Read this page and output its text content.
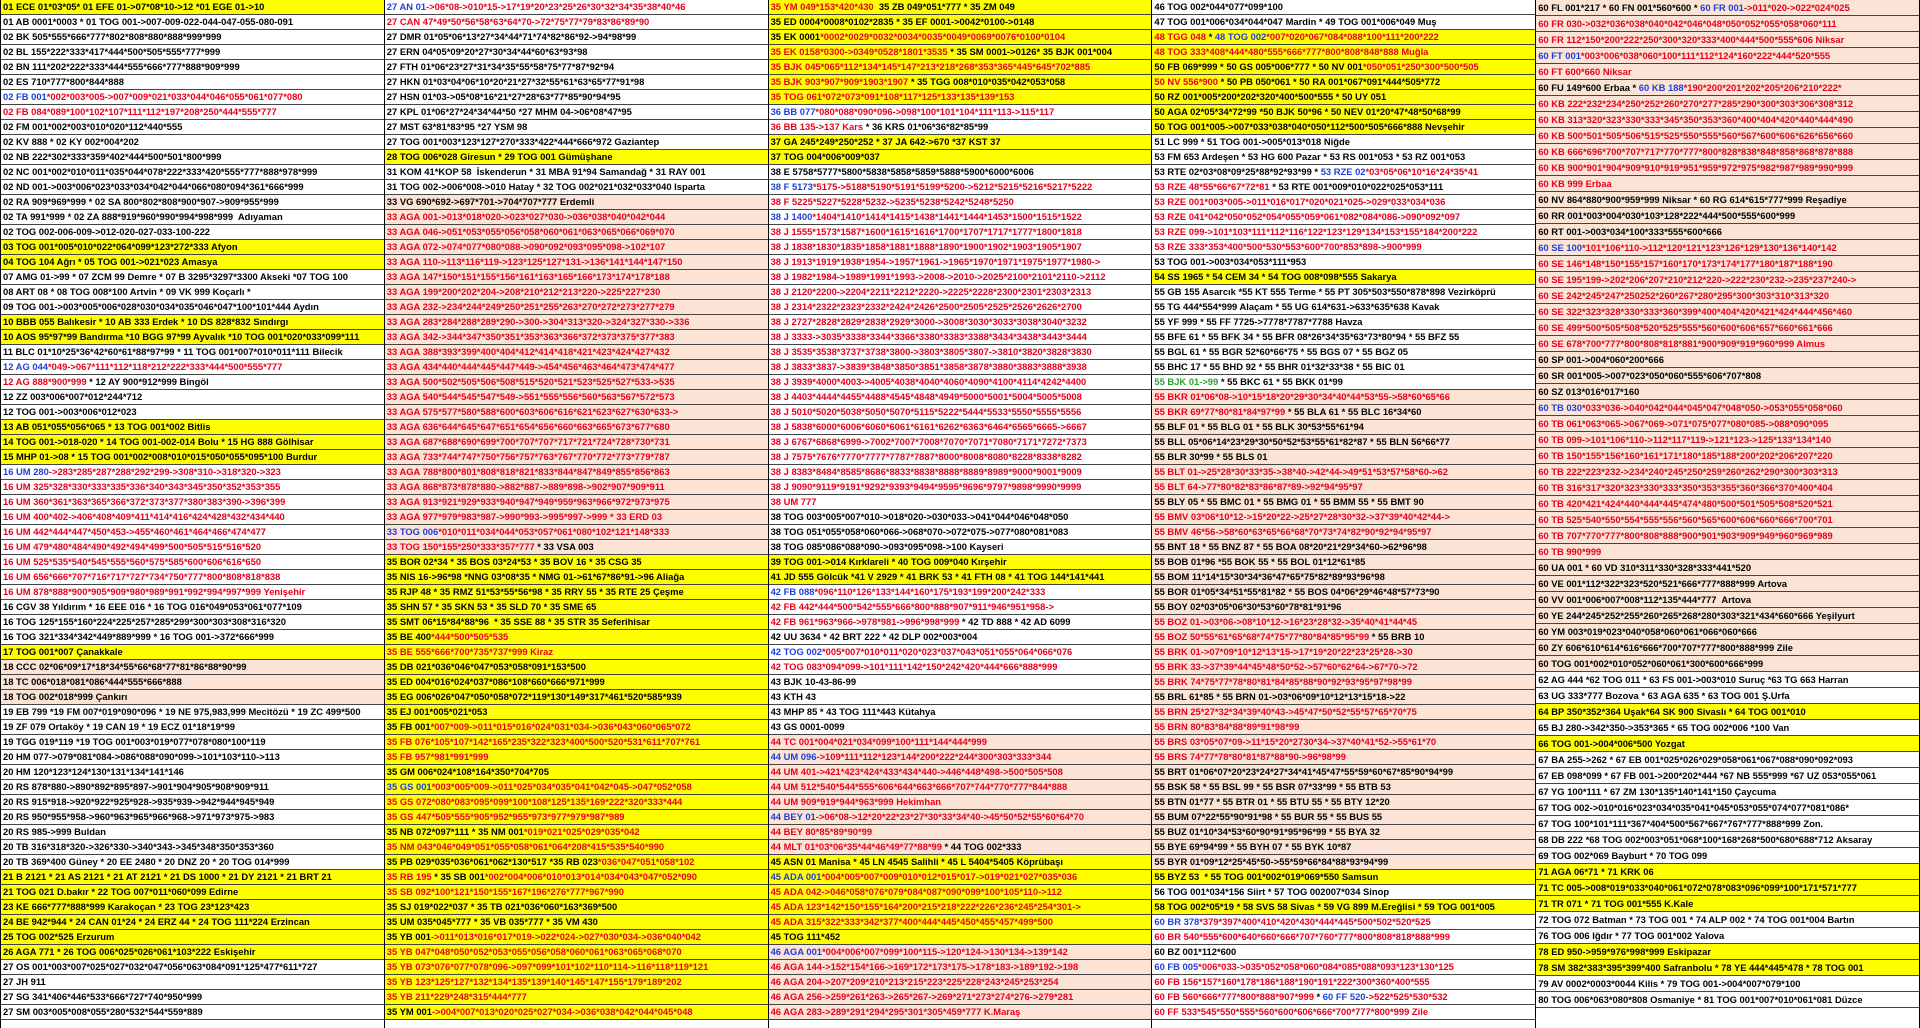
01 ECE 01*03*05* 01 EFE 01->07*08*10->12 *01 EGE 01->10
01 AB 0001*0003 * 01 TOG 001->007-009-022-044-047-055-080-091
02 BK 505*555*666*777*802*808*880*888*999*999
02 BL 155*222*333*417*444*500*505*555*777*999
02 BN 111*202*222*333*444*555*666*777*888*909*999
02 ES 710*777*800*844*888
02 FB 001*002*003*005->007*009*021*033*044*046*055*061*077*080
02 FB 084*089*100*102*107*111*112*197*208*250*444*555*777
02 FM 001*002*003*010*020*112*440*555
02 KV 888 * 02 KY 002*004*202
02 NB 222*302*333*359*402*444*500*501*800*999
02 NC 001*002*010*011*035*044*078*222*333*420*555*777*888*978*999
02 ND 001->003*006*023*033*034*042*044*066*080*094*361*666*999
02 RA 909*969*999 * 02 SA 800*802*808*900*907->909*955*999
02 TA 991*999 * 02 ZA 888*919*960*990*994*998*999  Adıyaman
02 TOG 002-006-009->012-020-027-033-100-222
03 TOG 001*005*010*022*064*099*123*272*333 Afyon
04 TOG 104 Ağrı * 05 TOG 001->021*023 Amasya
07 AMG 01->99 * 07 ZCM 99 Demre * 07 B 3295*3297*3300 Akseki *07 TOG 100
08 ART 08 * 08 TOG 008*100 Artvin * 09 VK 999 Koçarlı *
09 TOG 001->003*005*006*028*030*034*035*046*047*100*101*444 Aydın
10 BBB 055 Balıkesir * 10 AB 333 Erdek * 10 DS 828*832 Sındırgı
10 AOS 95*97*99 Bandırma *10 BGG 97*99 Ayvalık *10 TOG 001*020*033*099*111
11 BLC 01*10*25*36*42*60*61*88*97*99 * 11 TOG 001*007*010*011*111 Bilecik
12 AG 044*049->067*111*112*118*212*222*333*444*500*555*777
12 AG 888*900*999 * 12 AY 900*912*999 Bingöl
12 ZZ 003*006*007*012*244*712
12 TOG 001->003*006*012*023
13 AB 051*055*056*065 * 13 TOG 001*002 Bitlis
14 TOG 001->018-020 * 14 TOG 001-002-014 Bolu * 15 HG 888 Gölhisar
15 MHP 01->08 * 15 TOG 001*002*008*010*015*050*055*095*100 Burdur
16 UM 280->283*285*287*288*292*299->308*310->318*320->323
16 UM 325*328*330*333*335*336*340*343*345*350*352*353*355
16 UM 360*361*363*365*366*372*373*377*380*383*390->396*399
16 UM 400*402->406*408*409*411*414*416*424*428*432*434*440
16 UM 442*444*447*450*453->455*460*461*464*466*474*477
16 UM 479*480*484*490*492*494*499*500*505*515*516*520
16 UM 525*535*540*545*555*560*575*585*600*606*616*650
16 UM 656*666*707*716*717*727*734*750*777*800*808*818*838
16 UM 878*888*900*905*909*980*989*991*992*994*997*999 Yenişehir
16 CGV 38 Yıldırım * 16 EEE 016 * 16 TOG 016*049*053*061*077*109
16 TOG 125*155*160*224*225*257*285*299*300*303*308*316*320
16 TOG 321*334*342*449*889*999 * 16 TOG 001->372*666*999
17 TOG 001*007 Çanakkale
18 CCC 02*06*09*17*18*34*55*66*68*77*81*86*88*90*99
18 TC 006*018*081*086*444*555*666*888
18 TOG 002*018*999 Çankırı
19 EB 799 *19 FM 007*019*090*096 * 19 NE 975,983,999 Mecitözü * 19 ZC 499*500
19 ZF 079 Ortaköy * 19 CAN 19 * 19 ECZ 01*18*19*99
19 TGG 019*119 *19 TOG 001*003*019*077*078*080*100*119
20 HM 077->079*081*084->086*088*090*099->101*103*110->113
20 HM 120*123*124*130*131*134*141*146
20 RS 878*880->890*892*895*897->901*904*905*908*909*911
20 RS 915*918->920*922*925*928->935*939->942*944*945*949
20 RS 950*955*958->960*963*965*966*968->971*973*975->983
20 RS 985->999 Buldan
20 TB 316*318*320->326*330->340*343->345*348*350*353*360
20 TB 369*400 Güney * 20 EE 2480 * 20 DNZ 20 * 20 TOG 014*999
21 B 2121 * 21 AS 2121 * 21 AT 2121 * 21 DS 1000 * 21 DY 2121 * 21 BRT 21
21 TOG 021 D.bakır * 22 TOG 007*011*060*099 Edirne
23 KE 666*777*888*999 Karakoçan * 23 TOG 23*123*423
24 BE 942*944 * 24 CAN 01*24 * 24 ERZ 44 * 24 TOG 111*224 Erzincan
25 TOG 002*525 Erzurum
26 AGA 771 * 26 TOG 006*025*026*061*103*222 Eskişehir
27 OS 001*003*007*025*027*032*047*056*063*084*091*125*477*611*727
27 JH 911
27 SG 341*406*446*533*666*727*740*950*999
27 SM 003*005*008*055*280*532*544*559*889
27 AN 01->06*08->010*15->17*19*20*23*25*26*30*32*34*35*38*40*46
27 CAN 47*49*50*56*58*63*64*70->72*75*77*79*83*86*89*90
27 DMR 01*05*06*13*27*34*44*71*74*82*86*92->94*98*99
27 ERN 04*05*09*20*27*30*34*44*60*63*93*98
27 FTH 01*06*23*27*31*34*35*55*58*75*77*87*92*94
27 HKN 01*03*04*06*10*20*21*27*32*55*61*63*65*77*91*98
27 HSN 01*03->05*08*16*21*27*28*63*77*85*90*94*95
27 KPL 01*06*27*24*34*44*50 *27 MHM 04->06*08*47*95
27 MST 63*81*83*95 *27 YSM 98
27 TOG 001*003*123*127*270*333*422*444*666*972 Gaziantep
28 TOG 006*028 Giresun * 29 TOG 001 Gümüşhane
31 KOM 41*KOP 58  İskenderun * 31 MBA 91*94 Samandağ * 31 RAY 001
31 TOG 002->006*008->010 Hatay * 32 TOG 002*021*032*033*040 Isparta
33 VG 690*692->697*701->704*707*777 Erdemli
33 AGA 001->013*018*020->023*027*030->036*038*040*042*044
33 AGA 046->051*053*055*056*058*060*061*063*065*066*069*070
33 AGA 072->074*077*080*088->090*092*093*095*098->102*107
33 AGA 110->113*116*119->123*125*127*131->136*141*144*147*150
33 AGA 147*150*151*155*156*161*163*165*166*173*174*178*188
33 AGA 199*200*202*204->208*210*212*213*220->225*227*230
33 AGA 232->234*244*249*250*251*255*263*270*272*273*277*279
33 AGA 283*284*288*289*290->300->304*313*320->324*327*330->336
33 AGA 342->344*347*350*351*353*363*366*372*373*375*377*383
33 AGA 388*393*399*400*404*412*414*418*421*423*424*427*432
33 AGA 434*440*444*445*447*449->454*456*463*464*473*474*477
33 AGA 500*502*505*506*508*515*520*521*523*525*527*533->535
33 AGA 540*544*545*547*549->551*555*556*560*563*567*572*573
33 AGA 575*577*580*588*600*603*606*616*621*623*627*630*633->
33 AGA 636*644*645*647*651*654*656*660*663*665*673*677*680
33 AGA 687*688*690*699*700*707*707*717*721*724*728*730*731
33 AGA 733*744*747*750*756*757*763*767*770*772*773*779*787
33 AGA 788*800*801*808*818*821*833*844*847*849*855*856*863
33 AGA 868*873*878*880->882*887->889*898->902*907*909*911
33 AGA 913*921*929*933*940*947*949*959*963*966*972*973*975
33 AGA 977*979*983*987->990*993->995*997->999 * 33 ERD 03
33 TOG 006*010*011*034*044*053*057*061*080*102*121*148*333
33 TOG 150*155*250*333*357*777 * 33 VSA 003
35 BOR 02*34 * 35 BOS 03*24*53 * 35 BOV 16 * 35 CSG 35
35 NIS 16->96*98 *NNG 03*08*35 * NMG 01->61*67*86*91->96 Aliağa
35 RJP 48 * 35 RMZ 51*53*55*56*98 * 35 RRY 55 * 35 RTE 25 Çeşme
35 SHN 57 * 35 SKN 53 * 35 SLD 70 * 35 SME 65
35 SMT 06*15*84*88*96  * 35 SSE 88 * 35 STR 35 Seferihisar
35 BE 400*444*500*505*535
35 BE 555*666*700*735*737*999 Kiraz
35 DB 021*036*046*047*053*058*091*153*500
35 ED 004*016*024*037*086*108*660*666*971*999
35 EG 006*026*047*050*058*072*119*130*149*317*461*520*585*939
35 EJ 001*005*021*053
35 FB 001*007*009->011*015*016*024*031*034->036*043*060*065*072
35 FB 076*105*107*142*165*235*322*323*400*500*520*531*611*707*761
35 FB 957*981*991*999
35 GM 006*024*108*164*350*704*705
35 GS 001*003*005*009->011*025*034*035*041*042*045->047*052*058
35 GS 072*080*083*095*099*100*108*125*135*169*222*320*333*444
35 GS 447*505*555*905*952*955*973*977*979*987*989
35 NB 072*097*111 * 35 NM 001*019*021*025*029*035*042
35 NM 043*046*049*051*055*058*061*064*208*415*535*540*990
35 PB 029*035*036*061*062*130*517 *35 RB 023*036*047*051*058*102
35 RB 195 * 35 SB 001*002*004*006*010*013*014*034*043*047*052*090
35 SB 092*100*121*150*155*167*196*276*777*967*990
35 SJ 019*022*037 * 35 TB 021*036*060*163*369*500
35 UM 035*045*777 * 35 VB 035*777 * 35 VM 430
35 YB 001->011*013*016*017*019->022*024->027*030*034->036*040*042
35 YB 047*048*050*052*053*055*056*058*060*061*063*065*068*070
35 YB 073*076*077*078*096->097*099*101*102*110*114->116*118*119*121
35 YB 123*125*127*132*134*135*139*140*145*147*155*179*189*202
35 YB 211*229*248*315*444*777
35 YM 001->004*007*013*020*025*027*034->036*038*042*044*045*048
35 YM 049*153*420*430  35 ZB 049*051*777 * 35 ZM 049
35 ED 0004*0008*0102*2835 * 35 EF 0001->0042*0100->0148
35 EK 0001*0002*0029*0032*0034*0035*0049*0069*0076*0100*0104
35 EK 0158*0300->0349*0528*1801*3535 * 35 SM 0001->0126* 35 BJK 001*004
35 BJK 045*065*112*134*145*147*213*218*268*353*365*445*645*702*885
35 BJK 903*907*909*1903*1907 * 35 TGG 008*010*035*042*053*058
35 TOG 061*072*073*091*108*117*125*133*135*139*153
36 BB 077*080*088*090*096->098*100*101*104*111*113->115*117
36 BB 135->137 Kars * 36 KRS 01*06*36*82*85*99
37 GA 245*249*250*252 * 37 JA 642->670 *37 KST 37
37 TOG 004*006*009*037
38 E 5758*5777*5800*5838*5858*5859*5888*5900*6000*6006
38 F 5173*5175->5188*5190*5191*5199*5200->5212*5215*5216*5217*5222
38 F 5225*5227*5228*5232->5235*5238*5242*5248*5250
38 J 1400*1404*1410*1414*1415*1438*1441*1444*1453*1500*1515*1522
38 J 1555*1573*1587*1600*1615*1616*1700*1707*1717*1777*1800*1818
38 J 1838*1830*1835*1858*1881*1888*1890*1900*1902*1903*1905*1907
38 J 1913*1919*1938*1954->1957*1961->1965*1970*1971*1975*1977*1980->
38 J 1982*1984->1989*1991*1993->2008->2010->2025*2100*2101*2110->2112
38 J 2120*2200->2204*2211*2212*2220->2225*2228*2300*2301*2303*2313
38 J 2314*2322*2323*2332*2424*2426*2500*2505*2525*2526*2626*2700
38 J 2727*2828*2829*2838*2929*3000->3008*3030*3033*3038*3040*3232
38 J 3333->3035*3338*3344*3366*3380*3383*3388*3434*3438*3443*3444
38 J 3535*3538*3737*3738*3800->3803*3805*3807->3810*3820*3828*3830
38 J 3833*3837->3839*3848*3850*3851*3858*3878*3880*3883*3888*3938
38 J 3939*4000*4003->4005*4038*4040*4060*4090*4100*4114*4242*4400
38 J 4403*4444*4455*4488*4545*4848*4949*5000*5001*5004*5005*5008
38 J 5010*5020*5038*5050*5070*5115*5222*5444*5533*5550*5555*5556
38 J 5838*6000*6006*6060*6061*6161*6262*6363*6464*6565*6665->6667
38 J 6767*6868*6999->7002*7007*7008*7070*7071*7080*7171*7272*7373
38 J 7575*7676*7770*7777*7787*7887*8000*8008*8080*8228*8338*8282
38 J 8383*8484*8585*8686*8833*8838*8888*8889*8989*9000*9001*9009
38 J 9090*9119*9191*9292*9393*9494*9595*9696*9797*9898*9990*9999
38 UM 777
38 TOG 003*005*007*010->018*020->030*033->041*044*046*048*050
38 TOG 051*055*058*060*066->068*070->072*075->077*080*081*083
38 TOG 085*086*088*090->093*095*098->100 Kayseri
39 TOG 001->014 Kırklareli * 40 TOG 009*040 Kırşehir
41 JD 555 Gölcük *41 V 2929 * 41 BRK 53 * 41 FTH 08 * 41 TOG 144*141*441
42 FB 088*096*110*126*133*144*160*175*193*199*200*242*333
42 FB 442*444*500*542*555*666*800*888*907*911*946*951*958->
42 FB 961*963*966->978*981->996*998*999 * 42 TD 888 * 42 AD 6099
42 UU 3634 * 42 BRT 222 * 42 DLP 002*003*004
42 TOG 002*005*007*010*011*020*023*037*043*051*055*064*066*076
42 TOG 083*094*099->101*111*142*150*242*420*444*666*888*999
43 BJK 10-43-86-99
43 KTH 43
43 MHP 85 * 43 TOG 111*443 Kütahya
43 GS 0001-0099
44 TC 001*004*021*034*099*100*111*144*444*999
44 UM 096->109*111*112*123*144*200*222*244*300*303*333*344
44 UM 401->421*423*424*433*434*440->446*448*498->500*505*508
44 UM 512*540*544*555*606*644*663*666*707*744*770*777*844*888
44 UM 909*919*944*963*999 Hekimhan
44 BEY 01->06*08->12*20*22*23*27*30*33*34*40->45*50*52*55*60*64*70
44 BEY 80*85*89*90*99
44 MLT 01*03*06*35*44*46*49*77*88*99 * 44 TOG 002*333
45 ASN 01 Manisa * 45 LN 4545 Salihli * 45 L 5404*5405 Köprübaşı
45 ADA 001*004*005*007*009*010*012*015*017->019*021*027*035*036
45 ADA 042->046*058*076*079*084*087*090*099*100*105*110->112
45 ADA 123*142*150*155*164*200*215*218*222*226*236*245*254*301->
45 ADA 315*322*333*342*377*400*444*445*450*455*457*499*500
45 TOG 111*452
46 AGA 001*004*006*007*099*100*115->120*124->130*134->139*142
46 AGA 144->152*154*166->169*172*173*175->178*183->189*192->198
46 AGA 204->207*209*210*213*215*223*225*228*243*245*253*254
46 AGA 256->259*261*263->265*267->269*271*273*274*276->279*281
46 AGA 283->289*291*294*295*301*305*459*777 K.Maraş
46 TOG 002*044*077*099*100
47 TOG 001*006*034*044*047 Mardin * 49 TOG 001*006*049 Muş
48 TGG 048 * 48 TOG 002*007*020*067*084*088*100*111*200*222
48 TOG 333*408*444*480*555*666*777*800*808*848*888 Muğla
50 FB 069*999 * 50 GS 005*006*777 * 50 NV 001*050*051*250*300*500*505
50 NV 556*900 * 50 PB 050*061 * 50 RA 001*067*091*444*505*772
50 RZ 001*005*200*202*320*400*500*555 * 50 UY 051
50 AGA 02*05*34*72*99 *50 BJK 50*96 * 50 NEV 01*20*47*48*50*68*99
50 TOG 001*005->007*033*038*040*050*112*500*505*666*888 Nevşehir
51 LC 999 * 51 TOG 001->005*013*018 Niğde
53 FM 653 Ardeşen * 53 HG 600 Pazar * 53 RS 001*053 * 53 RZ 001*053
53 RTE 02*03*08*09*25*88*92*93*99 * 53 RZE 02*03*05*06*10*16*24*35*41
53 RZE 48*55*66*67*72*81 * 53 RTE 001*009*010*022*025*053*111
53 RZE 001*003*005->011*016*017*020*021*025->029*033*034*036
53 RZE 041*042*050*052*054*055*059*061*082*084*086->090*092*097
53 RZE 099->101*103*111*112*116*122*123*129*134*153*155*184*200*222
53 RZE 333*353*400*500*530*553*600*700*853*898->900*999
53 TOG 001->003*034*053*111*953
54 SS 1965 * 54 CEM 34 * 54 TOG 008*098*555 Sakarya
55 GB 155 Asarcık *55 KT 555 Terme * 55 PT 305*503*550*878*898 Vezirköprü
55 TG 444*554*999 Alaçam * 55 UG 614*631->633*635*638 Kavak
55 YF 999 * 55 FF 7725->7778*7787*7788 Havza
55 BFE 61 * 55 BFK 34 * 55 BFR 08*26*34*35*63*73*80*94 * 55 BFZ 55
55 BGL 61 * 55 BGR 52*60*66*75 * 55 BGS 07 * 55 BGZ 05
55 BHC 17 * 55 BHD 92 * 55 BHR 01*32*33*38 * 55 BIC 01
55 BJK 01->99 * 55 BKC 61 * 55 BKK 01*99
55 BKR 01*06*08->10*15*18*20*29*30*34*40*44*53*55->58*60*65*66
55 BKR 69*77*80*81*84*97*99 * 55 BLA 61 * 55 BLC 16*34*60
55 BLF 01 * 55 BLG 01 * 55 BLK 30*53*55*61*94
55 BLL 05*06*14*23*29*30*50*52*53*55*61*82*87 * 55 BLN 56*66*77
55 BLR 30*99 * 55 BLS 01
55 BLT 01->25*28*30*33*35->38*40->42*44->49*51*53*57*58*60->62
55 BLT 64->77*80*82*83*86*87*89->92*94*95*97
55 BLY 05 * 55 BMC 01 * 55 BMG 01 * 55 BMM 55 * 55 BMT 90
55 BMV 03*06*10*12->15*20*22->25*27*28*30*32->37*39*40*42*44->
55 BMV 46*56->58*60*63*65*66*68*70*73*74*82*90*92*94*95*97
55 BNT 18 * 55 BNZ 87 * 55 BOA 08*20*21*29*34*60->62*96*98
55 BOB 01*96 *55 BOK 55 * 55 BOL 01*12*61*85
55 BOM 11*14*15*30*34*36*47*65*75*82*89*93*96*98
55 BOR 01*05*34*51*55*81*82 * 55 BOS 04*06*29*46*48*57*73*90
55 BOY 02*03*05*06*30*53*60*78*81*91*96
55 BOZ 01->03*06->08*10*12->16*23*28*32->35*40*41*44*45
55 BOZ 50*55*61*65*68*74*75*77*80*84*85*95*99 * 55 BRB 10
55 BRK 01->07*09*10*12*13*15->17*19*20*22*23*25*28->30
55 BRK 33->37*39*44*45*48*50*52->57*60*62*64->67*70->72
55 BRK 74*75*77*78*80*81*84*85*88*90*92*93*95*97*98*99
55 BRL 61*85 * 55 BRN 01->03*06*09*10*12*13*15*18->22
55 BRN 25*27*32*34*39*40*43->45*47*50*52*55*57*65*70*75
55 BRN 80*83*84*88*89*91*98*99
55 BRS 03*05*07*09->11*15*20*2730*34->37*40*41*52->55*61*70
55 BRS 74*77*78*80*81*87*88*90->96*98*99
55 BRT 01*06*07*20*23*24*27*34*41*45*47*55*59*60*67*85*90*94*99
55 BSK 58 * 55 BSL 99 * 55 BSR 07*33*99 * 55 BTB 53
55 BTN 01*77 * 55 BTR 01 * 55 BTU 55 * 55 BTY 12*20
55 BUM 07*22*55*90*91*98 * 55 BUR 55 * 55 BUS 55
55 BUZ 01*10*34*53*60*90*91*95*96*99 * 55 BYA 32
55 BYE 69*94*99 * 55 BYH 07 * 55 BYK 10*87
55 BYR 01*09*12*25*45*50->55*59*66*84*88*93*94*99
55 BYZ 53  * 55 TOG 001*002*019*069*550 Samsun
56 TOG 001*034*156 Siirt * 57 TOG 002007*034 Sinop
58 TOG 002*05*19 * 58 SVS 58 Sivas * 59 VG 899 M.Ereğlisi * 59 TOG 001*005
60 BR 378*379*397*400*410*420*430*444*445*500*502*520*525
60 BR 540*555*600*640*660*666*707*760*777*800*808*818*888*999
60 BZ 001*112*600
60 FB 005*006*033->035*052*058*060*084*085*088*093*123*130*125
60 FB 156*157*160*178*186*188*190*191*222*300*360*400*555
60 FB 560*666*777*800*888*907*999 * 60 FF 520->522*525*530*532
60 FF 533*545*550*555*560*600*606*666*700*777*800*999 Zile
60 FL 001*217 * 60 FN 001*560*600 * 60 FR 001->011*020->022*024*025
60 FR 030->032*036*038*040*042*046*048*050*052*055*058*060*111
60 FR 112*150*200*222*250*300*320*333*400*444*500*555*606 Niksar
60 FT 001*003*006*038*060*100*111*112*124*160*222*444*520*555
60 FT 600*660 Niksar
60 FU 149*600 Erbaa * 60 KB 188*190*200*201*202*205*206*210*222*
60 KB 222*232*234*250*252*260*270*277*285*290*300*303*306*308*312
60 KB 313*320*323*330*333*345*350*353*360*400*404*420*440*444*490
60 KB 500*501*505*506*515*525*550*555*560*567*600*606*626*656*660
60 KB 666*696*700*707*717*770*777*800*828*838*848*858*868*878*888
60 KB 900*901*904*909*910*919*951*959*972*975*982*987*989*990*999
60 KB 999 Erbaa
60 NV 864*880*900*959*999 Niksar * 60 RG 614*615*777*999 Reşadiye
60 RR 001*003*004*030*103*128*222*444*500*555*600*999
60 RT 001->003*034*100*333*555*600*666
60 SE 100*101*106*110->112*120*121*123*126*129*130*136*140*142
60 SE 146*148*150*155*157*160*170*173*174*177*180*187*188*190
60 SE 195*199->202*206*207*210*212*220->222*230*232->235*237*240->
60 SE 242*245*247*250252*260*267*280*295*300*303*310*313*320
60 SE 322*323*328*330*333*360*399*400*404*420*421*424*444*456*460
60 SE 499*500*505*508*520*525*555*560*600*606*657*660*661*666
60 SE 678*700*777*800*808*818*881*900*909*919*960*999 Almus
60 SP 001->004*060*200*666
60 SR 001*005->007*023*050*060*555*606*707*808
60 SZ 013*016*017*160
60 TB 030*033*036->040*042*044*045*047*048*050->053*055*058*060
60 TB 061*063*065->067*069->071*075*077*080*085->088*090*095
60 TB 099->101*106*110->112*117*119->121*123->125*133*134*140
60 TB 150*155*156*160*161*171*180*185*188*200*202*206*207*220
60 TB 222*223*232->234*240*245*250*259*260*262*290*300*303*313
60 TB 316*317*320*323*330*333*350*353*355*360*366*370*400*404
60 TB 420*421*424*440*444*445*474*480*500*501*505*508*520*521
60 TB 525*540*550*554*555*556*560*565*600*606*660*666*700*701
60 TB 707*770*777*800*808*888*900*901*903*909*949*960*969*989
60 TB 990*999
60 UA 001 * 60 VD 310*311*330*328*333*441*520
60 VE 001*112*322*323*520*521*666*777*888*999 Artova
60 VV 001*006*007*008*112*135*444*777  Artova
60 YE 244*245*252*255*260*265*268*280*303*321*434*660*666 Yeşilyurt
60 YM 003*019*023*040*058*060*061*066*060*666
60 ZY 606*610*614*616*666*700*707*777*800*888*999 Zile
60 TOG 001*002*010*052*060*061*300*600*666*999
62 AG 444 *62 TOG 011 * 63 FS 001->003*010 Suruç *63 TG 663 Harran
63 UG 333*777 Bozova * 63 AGA 635 * 63 TOG 001 Ş.Urfa
64 BP 350*352*364 Uşak*64 SK 900 Sivaslı * 64 TOG 001*010
65 BJ 280->342*350->353*365 * 65 TOG 002*006 *100 Van
66 TOG 001->004*006*500 Yozgat
67 BA 255->262 * 67 EB 001*025*026*029*058*061*067*088*090*092*093
67 EB 098*099 * 67 FB 001->200*202*444 *67 NB 555*999 *67 UZ 053*055*061
67 YG 100*111 * 67 ZM 130*135*140*141*150 Çaycuma
67 TOG 002->010*016*023*034*035*041*045*053*055*074*077*081*086*
67 TOG 100*101*111*367*404*500*567*667*767*777*888*999 Zon.
68 DB 222 *68 TOG 002*003*051*068*100*168*268*500*680*688*712 Aksaray
69 TOG 002*069 Bayburt * 70 TOG 099
71 AGA 06*71 * 71 KRK 06
71 TC 005->008*019*033*040*061*072*078*083*096*099*100*171*571*777
71 TR 071 * 71 TOG 001*555 K.Kale
72 TOG 072 Batman * 73 TOG 001 * 74 ALP 002 * 74 TOG 001*004 Bartın
76 TOG 006 Iğdır * 77 TOG 001*002 Yalova
78 ED 950->959*976*998*999 Eskipazar
78 SM 382*383*395*399*400 Safranbolu * 78 YE 444*445*478 * 78 TOG 001
79 AV 0002*0003*0044 Kilis * 79 TOG 001->004*007*079*100
80 TOG 006*063*080*808 Osmaniye * 81 TOG 001*007*010*061*081 Düzce
